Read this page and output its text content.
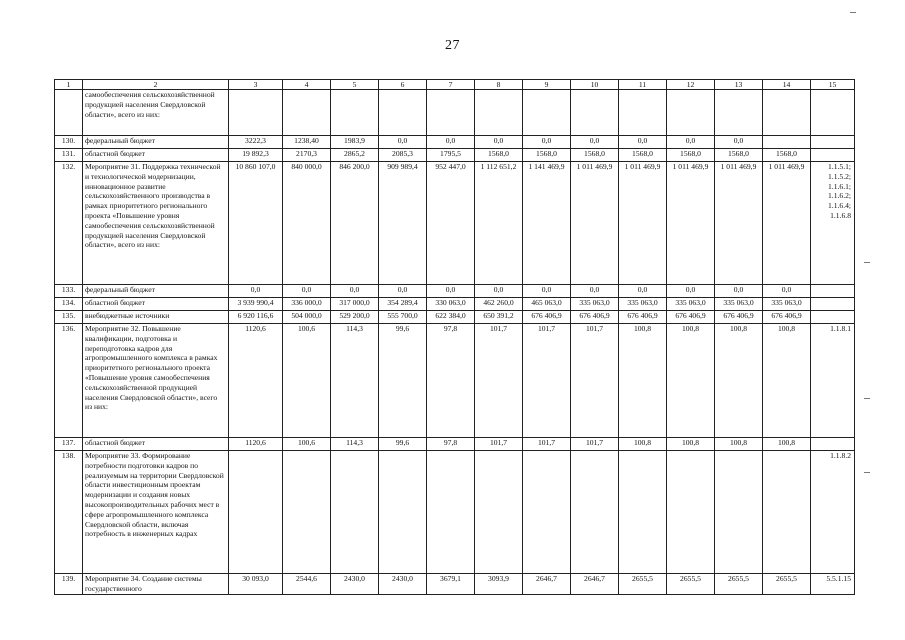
27
1	2	3	4	5	6	7	8	9	10	11	12	13	14	15
	самообеспечения сельскохозяйственной продукцией населения Свердловской области», всего из них:													
130.	федеральный бюджет	3222,3	1238,40	1983,9	0,0	0,0	0,0	0,0	0,0	0,0	0,0	0,0		
131.	областной бюджет	19 892,3	2170,3	2865,2	2085,3	1795,5	1568,0	1568,0	1568,0	1568,0	1568,0	1568,0	1568,0	
132.	Мероприятие 31. Поддержка технической и технологической модернизации, инновационное развитие сельскохозяйственного производства в рамках приоритетного регионального проекта «Повышение уровня самообеспечения сельскохозяйственной продукцией населения Свердловской области», всего из них:	10 860 107,0	840 000,0	846 200,0	909 989,4	952 447,0	1 112 651,2	1 141 469,9	1 011 469,9	1 011 469,9	1 011 469,9	1 011 469,9	1 011 469,9	1.1.5.1; 1.1.5.2; 1.1.6.1; 1.1.6.2; 1.1.6.4; 1.1.6.8
133.	федеральный бюджет	0,0	0,0	0,0	0,0	0,0	0,0	0,0	0,0	0,0	0,0	0,0	0,0	
134.	областной бюджет	3 939 990,4	336 000,0	317 000,0	354 289,4	330 063,0	462 260,0	465 063,0	335 063,0	335 063,0	335 063,0	335 063,0	335 063,0	
135.	внебюджетные источники	6 920 116,6	504 000,0	529 200,0	555 700,0	622 384,0	650 391,2	676 406,9	676 406,9	676 406,9	676 406,9	676 406,9	676 406,9	
136.	Мероприятие 32. Повышение квалификации, подготовка и переподготовка кадров для агропромышленного комплекса в рамках приоритетного регионального проекта «Повышение уровня самообеспечения сельскохозяйственной продукцией населения Свердловской области», всего из них:	1120,6	100,6	114,3	99,6	97,8	101,7	101,7	101,7	100,8	100,8	100,8	100,8	1.1.8.1
137.	областной бюджет	1120,6	100,6	114,3	99,6	97,8	101,7	101,7	101,7	100,8	100,8	100,8	100,8	
138.	Мероприятие 33. Формирование потребности подготовки кадров по реализуемым на территории Свердловской области инвестиционным проектам модернизации и создания новых высокопроизводительных рабочих мест в сфере агропромышленного комплекса Свердловской области, включая потребность в инженерных кадрах													1.1.8.2
139.	Мероприятие 34. Создание системы государственного	30 093,0	2544,6	2430,0	2430,0	3679,1	3093,9	2646,7	2646,7	2655,5	2655,5	2655,5	2655,5	5.5.1.15
